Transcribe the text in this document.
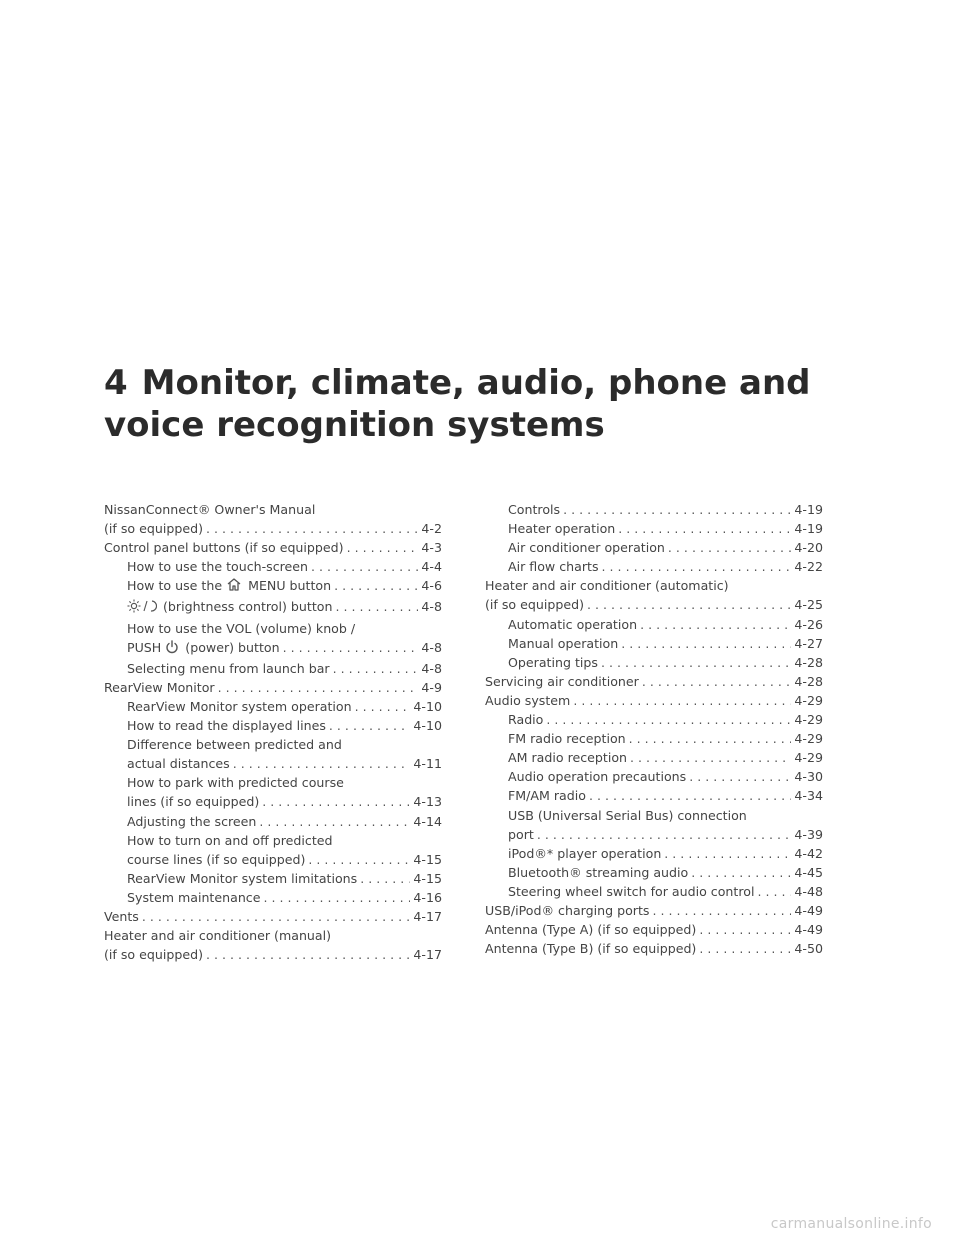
4 Monitor, climate, audio, phone and
voice recognition systems
NissanConnect® Owner's Manual
(if so equipped) . . .	4-2
Control panel buttons (if so equipped) . . .	4-3
How to use the touch-screen . . .	4-4
How to use the MENU button . . .	4-6
(brightness control) button . . .	4-8
How to use the VOL (volume) knob /
PUSH (power) button . . .	4-8
Selecting menu from launch bar . . .	4-8
RearView Monitor . . .	4-9
RearView Monitor system operation . . .	4-10
How to read the displayed lines . . .	4-10
Difference between predicted and
actual distances . . .	4-11
How to park with predicted course
lines (if so equipped) . . .	4-13
Adjusting the screen . . .	4-14
How to turn on and off predicted
course lines (if so equipped) . . .	4-15
RearView Monitor system limitations . . .	4-15
System maintenance . . .	4-16
Vents . . .	4-17
Heater and air conditioner (manual)
(if so equipped) . . .	4-17
Controls . . .	4-19
Heater operation . . .	4-19
Air conditioner operation . . .	4-20
Air flow charts . . .	4-22
Heater and air conditioner (automatic)
(if so equipped) . . .	4-25
Automatic operation . . .	4-26
Manual operation . . .	4-27
Operating tips . . .	4-28
Servicing air conditioner . . .	4-28
Audio system . . .	4-29
Radio . . .	4-29
FM radio reception . . .	4-29
AM radio reception . . .	4-29
Audio operation precautions . . .	4-30
FM/AM radio . . .	4-34
USB (Universal Serial Bus) connection
port . . .	4-39
iPod®* player operation . . .	4-42
Bluetooth® streaming audio . . .	4-45
Steering wheel switch for audio control . . .	4-48
USB/iPod® charging ports . . .	4-49
Antenna (Type A) (if so equipped) . . .	4-49
Antenna (Type B) (if so equipped) . . .	4-50
carmanualsonline.info
